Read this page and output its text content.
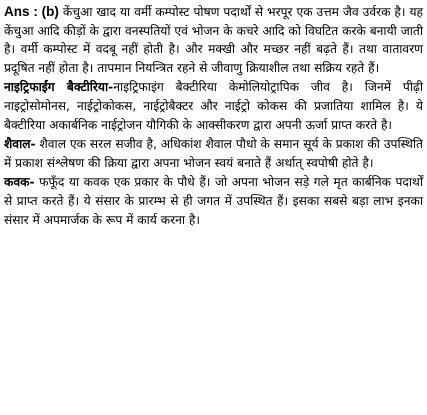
Ans : (b) केंचुआ खाद या वर्मी कम्पोस्ट पोषण पदार्थों से भरपूर एक उत्तम जैव उर्वरक है। यह केंचुआ आदि कीड़ों के द्वारा वनस्पतियों एवं भोजन के कचरे आदि को विघटित करके बनायी जाती है। वर्मी कम्पोस्ट में वदबू नहीं होती है। और मक्खी और मच्छर नहीं बढ़ते हैं। तथा वातावरण प्रदूषित नहीं होता है। तापमान नियन्त्रित रहने से जीवाणु क्रियाशील तथा सक्रिय रहते हैं।

नाइट्रिफाईंग बैक्टीरिया-नाइट्रिफाइंग बैक्टीरिया केमोलियोट्रापिक जीव है। जिनमें पीढ़ी नाइट्रोसोमोनस, नाईट्रोकोकस, नाईट्रोबैक्टर और नाईट्रो कोकस की प्रजातिया शामिल है। ये बैक्टीरिया अकार्बनिक नाईट्रोजन यौगिकी के आक्सीकरण द्वारा अपनी ऊर्जा प्राप्त करते है।

शैवाल- शैवाल एक सरल सजीव है, अधिकांश शैवाल पौधो के समान सूर्य के प्रकाश की उपस्थिति में प्रकाश संश्लेषण की क्रिया द्वारा अपना भोजन स्वयं बनाते हैं अर्थात् स्वपोषी होते है।

कवक- फफूँद या कवक एक प्रकार के पौधे हैं। जो अपना भोजन सड़े गले मृत कार्बनिक पदार्थों से प्राप्त करते हैं। ये संसार के प्रारम्भ से ही जगत में उपस्थित हैं। इसका सबसे बड़ा लाभ इनका संसार में अपमार्जक के रूप में कार्य करना है।
